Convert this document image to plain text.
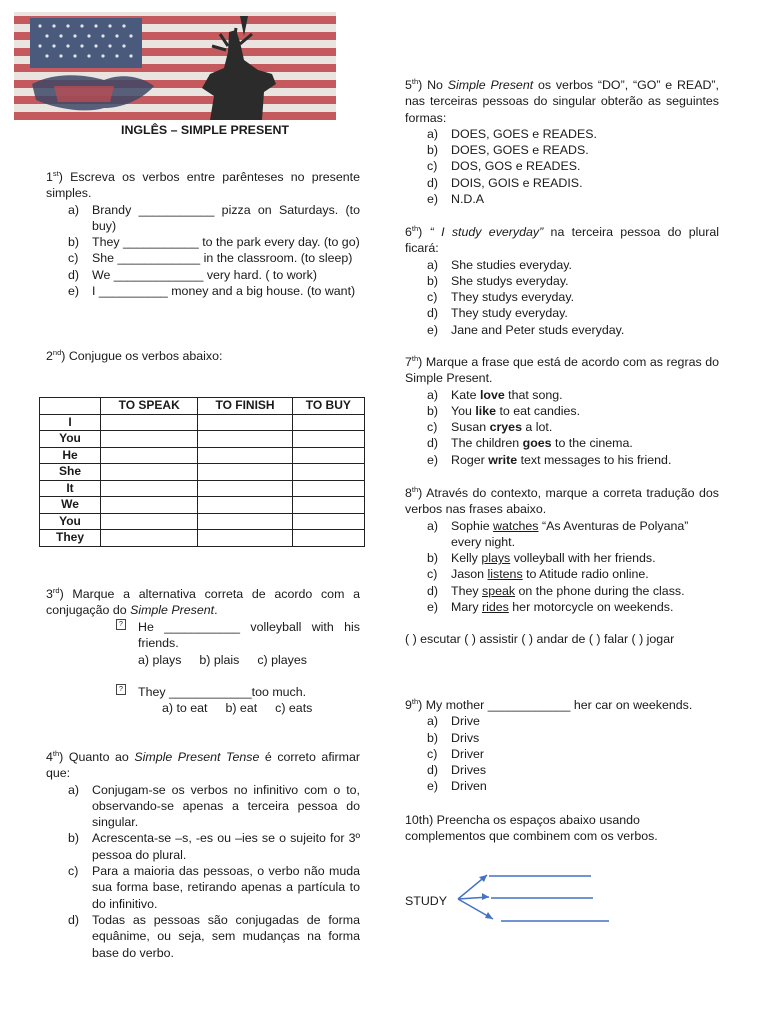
INGLÊS – SIMPLE PRESENT
1st) Escreva os verbos entre parênteses no presente simples.
a)	Brandy ___________ pizza on Saturdays. (to buy)
b)	They ___________ to the park every day. (to go)
c)	She ____________ in the classroom. (to sleep)
d)	We _____________ very hard. ( to work)
e)	I __________ money and a big house. (to want)
2nd) Conjugue os verbos abaixo:
	TO SPEAK	TO FINISH	TO BUY
I			
You			
He			
She			
It			
We			
You			
They			
3rd) Marque a alternativa correta de acordo com a conjugação do Simple Present.
? He ___________ volleyball with his friends.
a) plays b) plais c) playes
? They ____________too much.
a) to eat b) eat c) eats
4th) Quanto ao Simple Present Tense é correto afirmar que:
a)	Conjugam-se os verbos no infinitivo com o to, observando-se apenas a terceira pessoa do singular.
b)	Acrescenta-se –s, -es ou –ies se o sujeito for 3º pessoa do plural.
c)	Para a maioria das pessoas, o verbo não muda sua forma base, retirando apenas a partícula to do infinitivo.
d)	Todas as pessoas são conjugadas de forma equânime, ou seja, sem mudanças na forma base do verbo.
5th) No Simple Present os verbos “DO”, “GO” e READ”, nas terceiras pessoas do singular obterão as seguintes formas:
a)	DOES, GOES e READES.
b)	DOES, GOES e READS.
c)	DOS, GOS e READES.
d)	DOIS, GOIS e READIS.
e)	N.D.A
6th) “ I study everyday” na terceira pessoa do plural ficará:
a)	She studies everyday.
b)	She studys everyday.
c)	They studys everyday.
d)	They study everyday.
e)	Jane and Peter studs everyday.
7th) Marque a frase que está de acordo com as regras do Simple Present.
a)	Kate love that song.
b)	You like to eat candies.
c)	Susan cryes a lot.
d)	The children goes to the cinema.
e)	Roger write text messages to his friend.
8th) Através do contexto, marque a correta tradução dos verbos nas frases abaixo.
a)	Sophie watches “As Aventuras de Polyana” every night.
b)	Kelly plays volleyball with her friends.
c)	Jason listens to Atitude radio online.
d)	They speak on the phone during the class.
e)	Mary rides her motorcycle on weekends.
( ) escutar ( ) assistir ( ) andar de ( ) falar ( ) jogar
9th) My mother ____________ her car on weekends.
a)	Drive
b)	Drivs
c)	Driver
d)	Drives
e)	Driven
10th) Preencha os espaços abaixo usando complementos que combinem com os verbos.
STUDY
